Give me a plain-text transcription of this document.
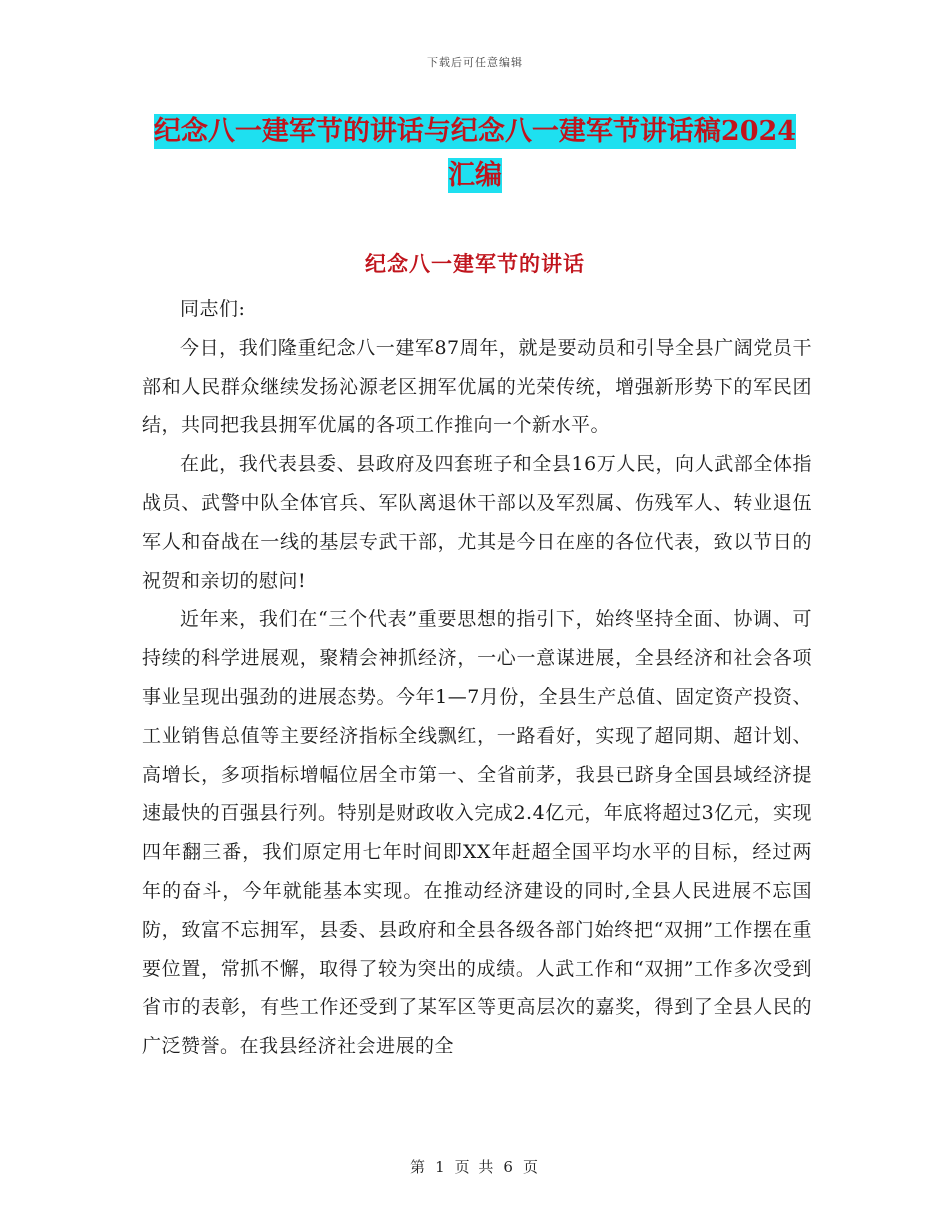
下载后可任意编辑
纪念八一建军节的讲话与纪念八一建军节讲话稿2024
汇编
纪念八一建军节的讲话

同志们:

今日，我们隆重纪念八一建军87周年，就是要动员和引导全县广阔党员干部和人民群众继续发扬沁源老区拥军优属的光荣传统，增强新形势下的军民团结，共同把我县拥军优属的各项工作推向一个新水平。

在此，我代表县委、县政府及四套班子和全县16万人民，向人武部全体指战员、武警中队全体官兵、军队离退休干部以及军烈属、伤残军人、转业退伍军人和奋战在一线的基层专武干部，尤其是今日在座的各位代表，致以节日的祝贺和亲切的慰问!

近年来，我们在“三个代表”重要思想的指引下，始终坚持全面、协调、可持续的科学进展观，聚精会神抓经济，一心一意谋进展，全县经济和社会各项事业呈现出强劲的进展态势。今年1—7月份，全县生产总值、固定资产投资、工业销售总值等主要经济指标全线飘红，一路看好，实现了超同期、超计划、高增长，多项指标增幅位居全市第一、全省前茅，我县已跻身全国县域经济提速最快的百强县行列。特别是财政收入完成2.4亿元，年底将超过3亿元，实现四年翻三番，我们原定用七年时间即XX年赶超全国平均水平的目标，经过两年的奋斗，今年就能基本实现。在推动经济建设的同时,全县人民进展不忘国防，致富不忘拥军，县委、县政府和全县各级各部门始终把“双拥”工作摆在重要位置，常抓不懈，取得了较为突出的成绩。人武工作和“双拥”工作多次受到省市的表彰，有些工作还受到了某军区等更高层次的嘉奖，得到了全县人民的广泛赞誉。在我县经济社会进展的全

第 1 页 共 6 页
